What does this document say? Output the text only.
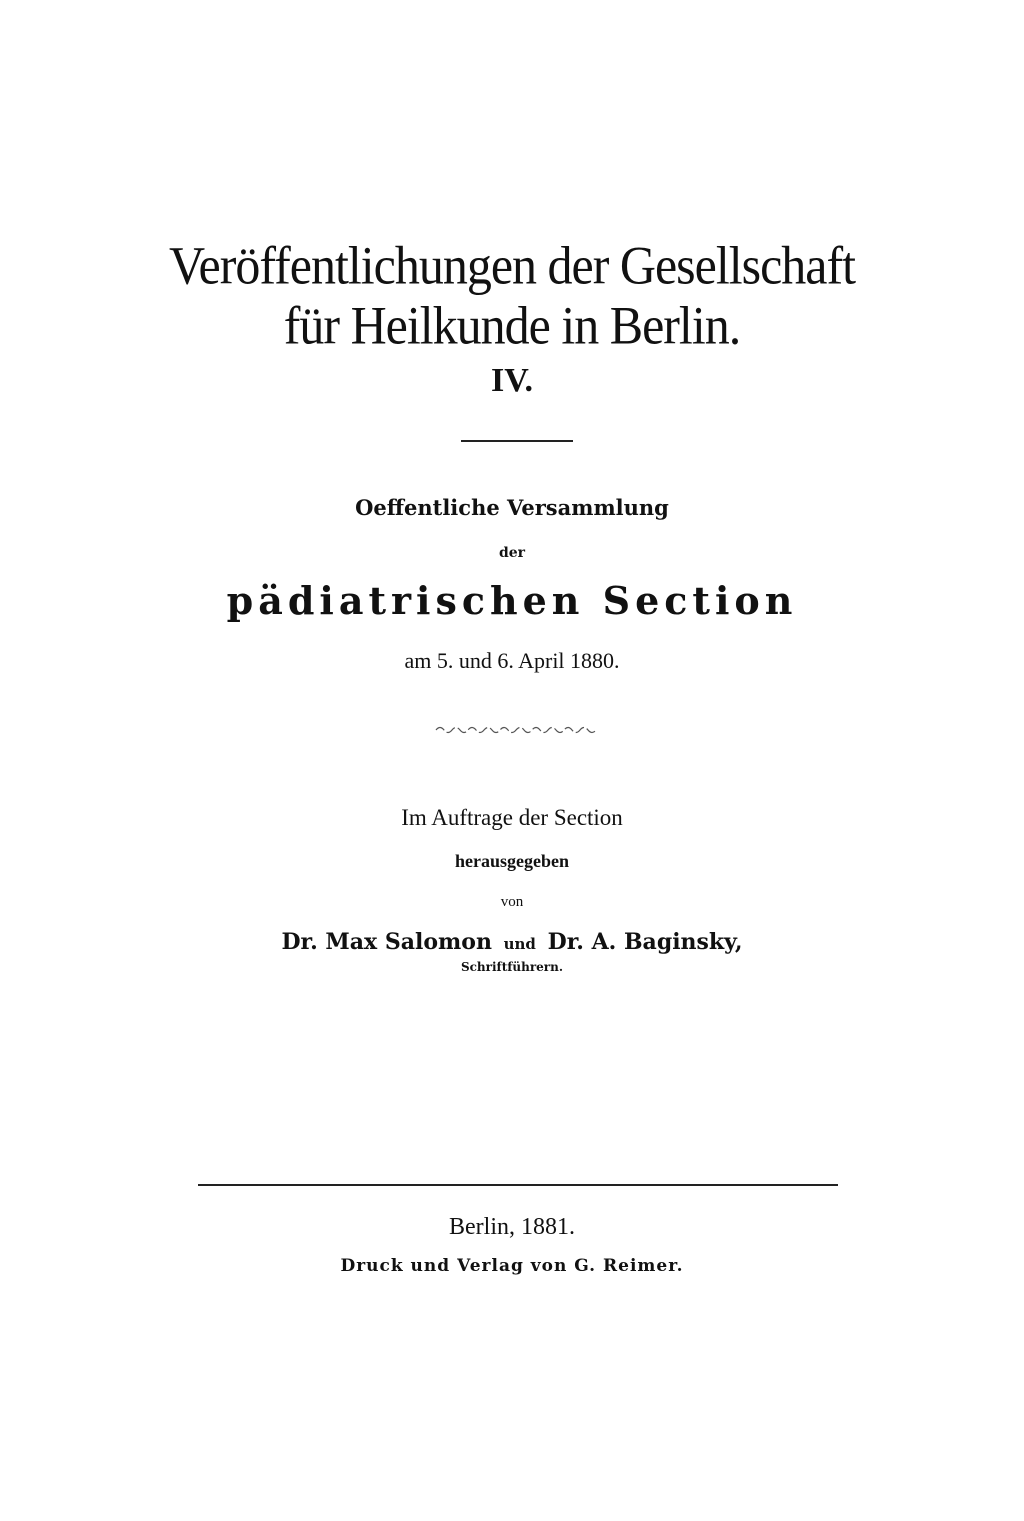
Veröffentlichungen der Gesellschaft
für Heilkunde in Berlin.
IV.
Oeffentliche Versammlung
der
pädiatrischen Section
am 5. und 6. April 1880.
Im Auftrage der Section
herausgegeben
von
Dr. Max Salomon und Dr. A. Baginsky,
Schriftführern.
Berlin, 1881.
Druck und Verlag von G. Reimer.
